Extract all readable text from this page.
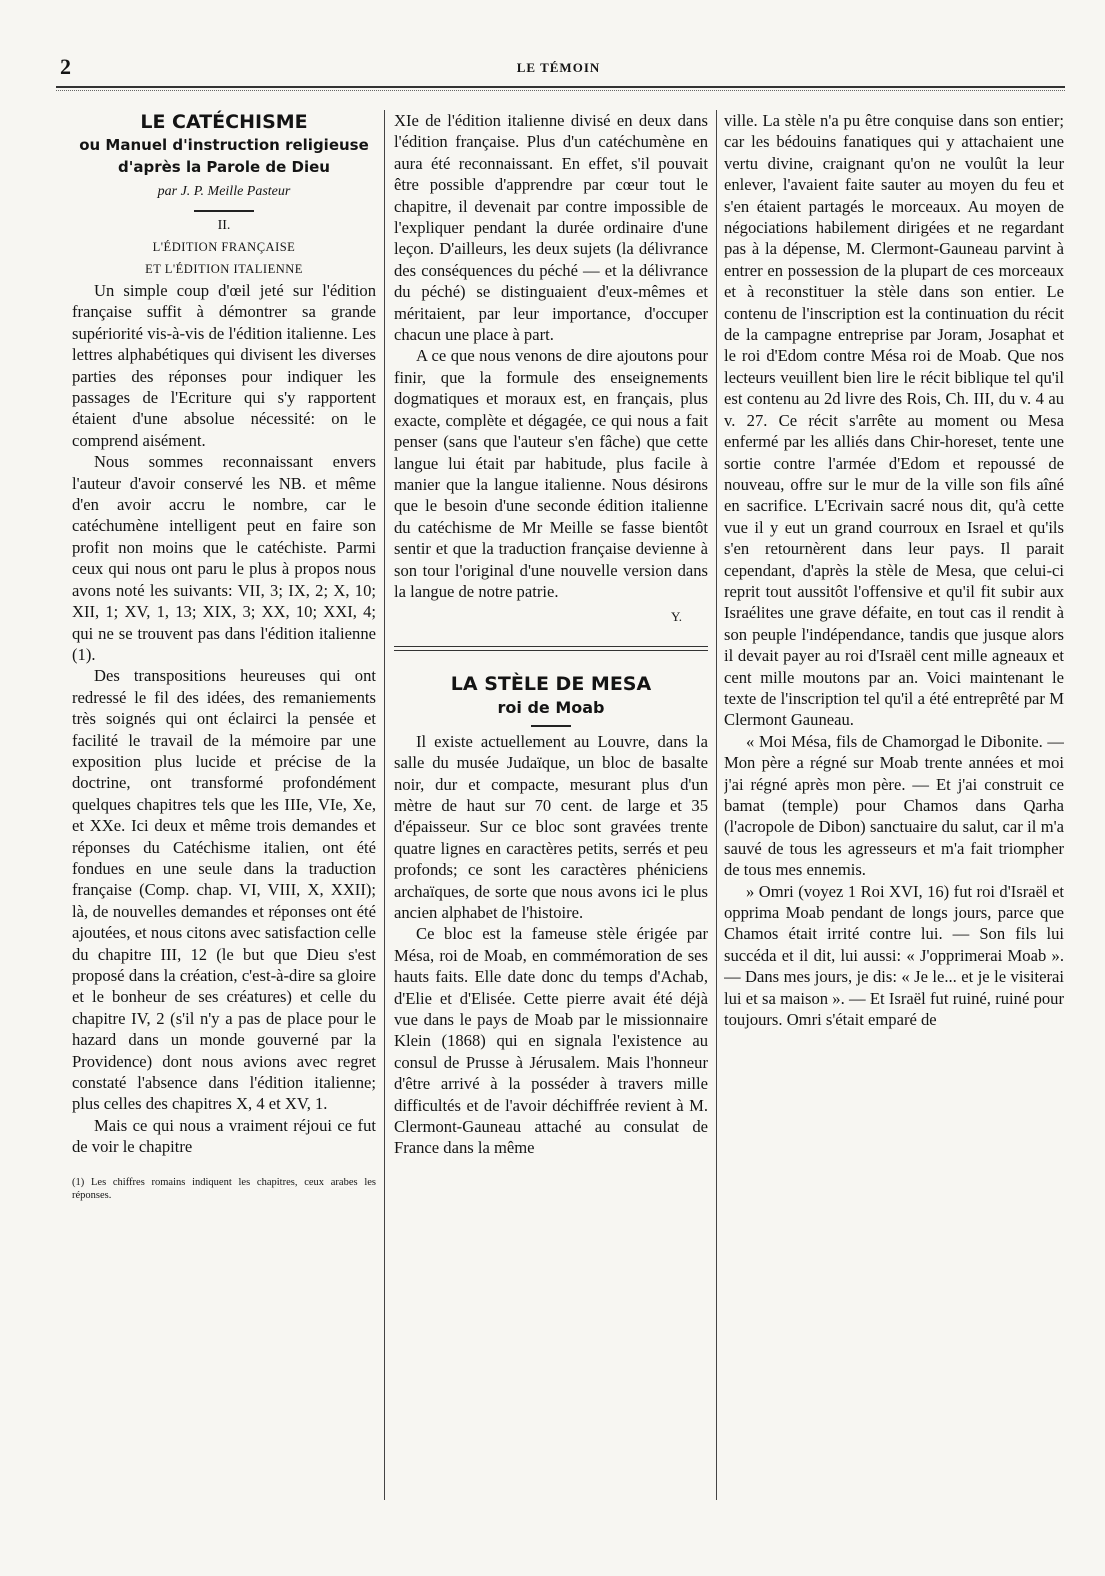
2	LE TÉMOIN
LE CATÉCHISME
ou Manuel d'instruction religieuse
d'après la Parole de Dieu
par J. P. Meille Pasteur
II.
L'ÉDITION FRANÇAISE
ET L'ÉDITION ITALIENNE

Un simple coup d'œil jeté sur l'édition française suffit à démontrer sa grande supériorité vis-à-vis de l'édition italienne. Les lettres alphabétiques qui divisent les diverses parties des réponses pour indiquer les passages de l'Ecriture qui s'y rapportent étaient d'une absolue nécessité: on le comprend aisément.

Nous sommes reconnaissant envers l'auteur d'avoir conservé les NB. et même d'en avoir accru le nombre, car le catéchumène intelligent peut en faire son profit non moins que le catéchiste. Parmi ceux qui nous ont paru le plus à propos nous avons noté les suivants: VII, 3; IX, 2; X, 10; XII, 1; XV, 1, 13; XIX, 3; XX, 10; XXI, 4; qui ne se trouvent pas dans l'édition italienne (1).

Des transpositions heureuses qui ont redressé le fil des idées, des remaniements très soignés qui ont éclairci la pensée et facilité le travail de la mémoire par une exposition plus lucide et précise de la doctrine, ont transformé profondément quelques chapitres tels que les IIIe, VIe, Xe, et XXe. Ici deux et même trois demandes et réponses du Catéchisme italien, ont été fondues en une seule dans la traduction française (Comp. chap. VI, VIII, X, XXII); là, de nouvelles demandes et réponses ont été ajoutées, et nous citons avec satisfaction celle du chapitre III, 12 (le but que Dieu s'est proposé dans la création, c'est-à-dire sa gloire et le bonheur de ses créatures) et celle du chapitre IV, 2 (s'il n'y a pas de place pour le hazard dans un monde gouverné par la Providence) dont nous avions avec regret constaté l'absence dans l'édition italienne; plus celles des chapitres X, 4 et XV, 1.

Mais ce qui nous a vraiment réjoui ce fut de voir le chapitre

(1) Les chiffres romains indiquent les chapitres, ceux arabes les réponses.

XIe de l'édition italienne divisé en deux dans l'édition française. Plus d'un catéchumène en aura été reconnaissant. En effet, s'il pouvait être possible d'apprendre par cœur tout le chapitre, il devenait par contre impossible de l'expliquer pendant la durée ordinaire d'une leçon. D'ailleurs, les deux sujets (la délivrance des conséquences du péché — et la délivrance du péché) se distinguaient d'eux-mêmes et méritaient, par leur importance, d'occuper chacun une place à part.

A ce que nous venons de dire ajoutons pour finir, que la formule des enseignements dogmatiques et moraux est, en français, plus exacte, complète et dégagée, ce qui nous a fait penser (sans que l'auteur s'en fâche) que cette langue lui était par habitude, plus facile à manier que la langue italienne. Nous désirons que le besoin d'une seconde édition italienne du catéchisme de Mr Meille se fasse bientôt sentir et que la traduction française devienne à son tour l'original d'une nouvelle version dans la langue de notre patrie.

Y.
LA STÈLE DE MESA
roi de Moab

Il existe actuellement au Louvre, dans la salle du musée Judaïque, un bloc de basalte noir, dur et compacte, mesurant plus d'un mètre de haut sur 70 cent. de large et 35 d'épaisseur. Sur ce bloc sont gravées trente quatre lignes en caractères petits, serrés et peu profonds; ce sont les caractères phéniciens archaïques, de sorte que nous avons ici le plus ancien alphabet de l'histoire.

Ce bloc est la fameuse stèle érigée par Mésa, roi de Moab, en commémoration de ses hauts faits. Elle date donc du temps d'Achab, d'Elie et d'Elisée. Cette pierre avait été déjà vue dans le pays de Moab par le missionnaire Klein (1868) qui en signala l'existence au consul de Prusse à Jérusalem. Mais l'honneur d'être arrivé à la posséder à travers mille difficultés et de l'avoir déchiffrée revient à M. Clermont-Gauneau attaché au consulat de France dans la même

ville. La stèle n'a pu être conquise dans son entier; car les bédouins fanatiques qui y attachaient une vertu divine, craignant qu'on ne voulût la leur enlever, l'avaient faite sauter au moyen du feu et s'en étaient partagés le morceaux. Au moyen de négociations habilement dirigées et ne regardant pas à la dépense, M. Clermont-Gauneau parvint à entrer en possession de la plupart de ces morceaux et à reconstituer la stèle dans son entier. Le contenu de l'inscription est la continuation du récit de la campagne entreprise par Joram, Josaphat et le roi d'Edom contre Mésa roi de Moab. Que nos lecteurs veuillent bien lire le récit biblique tel qu'il est contenu au 2d livre des Rois, Ch. III, du v. 4 au v. 27. Ce récit s'arrête au moment ou Mesa enfermé par les alliés dans Chir-horeset, tente une sortie contre l'armée d'Edom et repoussé de nouveau, offre sur le mur de la ville son fils aîné en sacrifice. L'Ecrivain sacré nous dit, qu'à cette vue il y eut un grand courroux en Israel et qu'ils s'en retournèrent dans leur pays. Il parait cependant, d'après la stèle de Mesa, que celui-ci reprit tout aussitôt l'offensive et qu'il fit subir aux Israélites une grave défaite, en tout cas il rendit à son peuple l'indépendance, tandis que jusque alors il devait payer au roi d'Israël cent mille agneaux et cent mille moutons par an. Voici maintenant le texte de l'inscription tel qu'il a été entreprêté par M Clermont Gauneau.

« Moi Mésa, fils de Chamorgad le Dibonite. — Mon père a régné sur Moab trente années et moi j'ai régné après mon père. — Et j'ai construit ce bamat (temple) pour Chamos dans Qarha (l'acropole de Dibon) sanctuaire du salut, car il m'a sauvé de tous les agresseurs et m'a fait triompher de tous mes ennemis.

» Omri (voyez 1 Roi XVI, 16) fut roi d'Israël et opprima Moab pendant de longs jours, parce que Chamos était irrité contre lui. — Son fils lui succéda et il dit, lui aussi: « J'opprimerai Moab ». — Dans mes jours, je dis: « Je le... et je le visiterai lui et sa maison ». — Et Israël fut ruiné, ruiné pour toujours. Omri s'était emparé de
